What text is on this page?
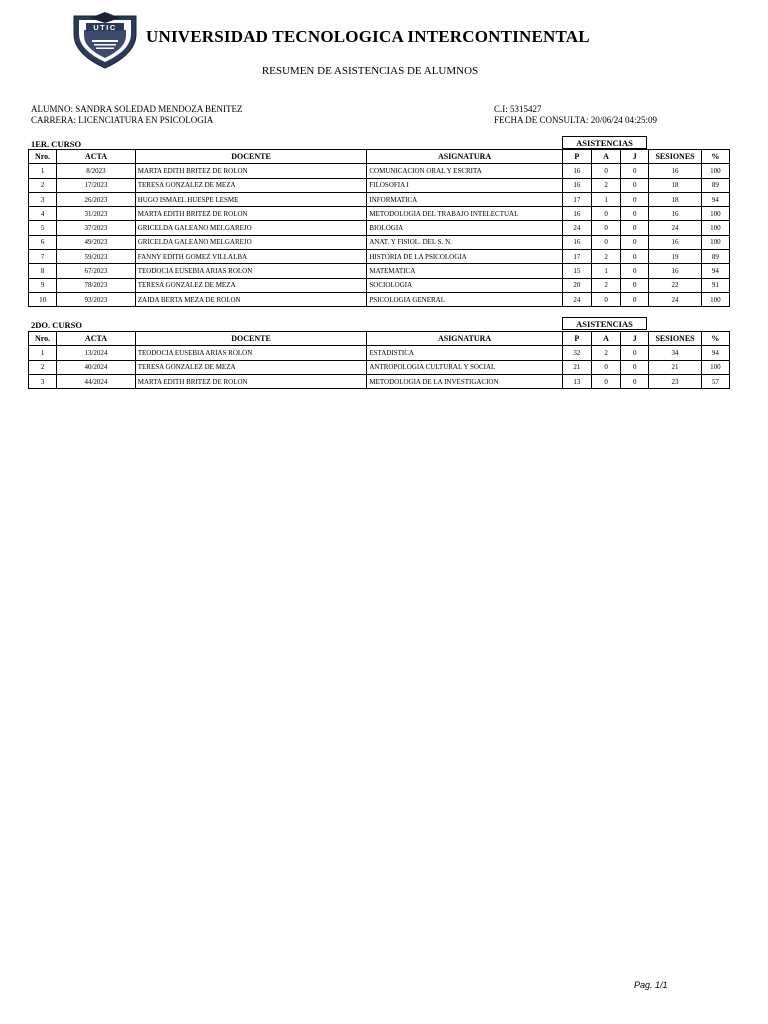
UTIC UNIVERSIDAD TECNOLOGICA INTERCONTINENTAL
RESUMEN DE ASISTENCIAS DE ALUMNOS
ALUMNO: SANDRA SOLEDAD MENDOZA BENITEZ
CARRERA: LICENCIATURA EN PSICOLOGIA
C.I: 5315427
FECHA DE CONSULTA: 20/06/24 04:25:09
1ER. CURSO	ASISTENCIAS
Nro.	ACTA	DOCENTE	ASIGNATURA	P	A	J	SESIONES	%
1	8/2023	MARTA EDITH BRITEZ DE ROLON	COMUNICACION ORAL Y ESCRITA	16	0	0	16	100
2	17/2023	TERESA GONZALEZ DE MEZA	FILOSOFIA I	16	2	0	18	89
3	26/2023	HUGO ISMAEL HUESPE LESME	INFORMATICA	17	1	0	18	94
4	31/2023	MARTA EDITH BRITEZ DE ROLON	METODOLOGIA DEL TRABAJO INTELECTUAL	16	0	0	16	100
5	37/2023	GRICELDA GALEANO MELGAREJO	BIOLOGIA	24	0	0	24	100
6	49/2023	GRICELDA GALEANO MELGAREJO	ANAT. Y FISIOL. DEL S. N.	16	0	0	16	100
7	59/2023	FANNY EDITH GOMEZ VILLALBA	HISTORIA DE LA PSICOLOGIA	17	2	0	19	89
8	67/2023	TEODOCIA EUSEBIA ARIAS ROLON	MATEMATICA	15	1	0	16	94
9	78/2023	TERESA GONZALEZ DE MEZA	SOCIOLOGIA	20	2	0	22	91
10	93/2023	ZAIDA BERTA MEZA DE ROLON	PSICOLOGIA GENERAL	24	0	0	24	100
2DO. CURSO	ASISTENCIAS
Nro.	ACTA	DOCENTE	ASIGNATURA	P	A	J	SESIONES	%
1	13/2024	TEODOCIA EUSEBIA ARIAS ROLON	ESTADISTICA	32	2	0	34	94
2	40/2024	TERESA GONZALEZ DE MEZA	ANTROPOLOGIA CULTURAL Y SOCIAL	21	0	0	21	100
3	44/2024	MARTA EDITH BRITEZ DE ROLON	METODOLOGIA DE LA INVESTIGACION	13	0	0	23	57
Pag. 1/1
